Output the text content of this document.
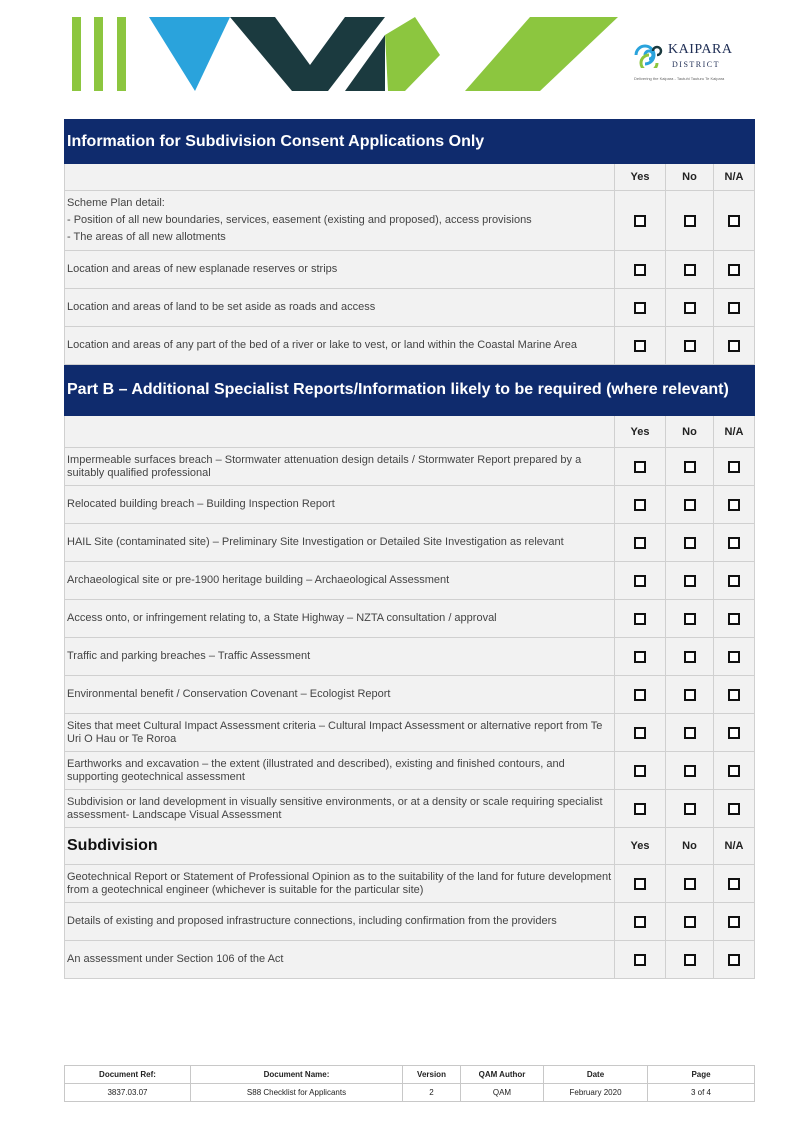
KAIPARA
DISTRICT
Delivering the Kaipara - Tautuhi Tauturu Te Kaipara
Information for Subdivision Consent Applications Only			
	Yes	No	N/A

Scheme Plan detail:
- Position of all new boundaries, services, easement (existing and proposed), access provisions
- The areas of all new allotments			

Location and areas of new esplanade reserves or strips			

Location and areas of land to be set aside as roads and access			

Location and areas of any part of the bed of a river or lake to vest, or land within the Coastal Marine Area			

Part B – Additional Specialist Reports/Information likely to be required (where relevant)			
	Yes	No	N/A

Impermeable surfaces breach – Stormwater attenuation design details / Stormwater Report prepared by a suitably qualified professional			

Relocated building breach – Building Inspection Report			

HAIL Site (contaminated site) – Preliminary Site Investigation or Detailed Site Investigation as relevant			

Archaeological site or pre-1900 heritage building – Archaeological Assessment			

Access onto, or infringement relating to, a State Highway – NZTA consultation / approval			

Traffic and parking breaches – Traffic Assessment			

Environmental benefit / Conservation Covenant – Ecologist Report			

Sites that meet Cultural Impact Assessment criteria – Cultural Impact Assessment or alternative report from Te Uri O Hau or Te Roroa			

Earthworks and excavation – the extent (illustrated and described), existing and finished contours, and supporting geotechnical assessment			

Subdivision or land development in visually sensitive environments, or at a density or scale requiring specialist assessment- Landscape Visual Assessment			

Subdivision	Yes	No	N/A

Geotechnical Report or Statement of Professional Opinion as to the suitability of the land for future development from a geotechnical engineer (whichever is suitable for the particular site)			

Details of existing and proposed infrastructure connections, including confirmation from the providers			

An assessment under Section 106 of the Act			

Document Ref:	Document Name:	Version	QAM Author	Date	Page
3837.03.07	S88 Checklist for Applicants	2	QAM	February 2020	3 of 4
